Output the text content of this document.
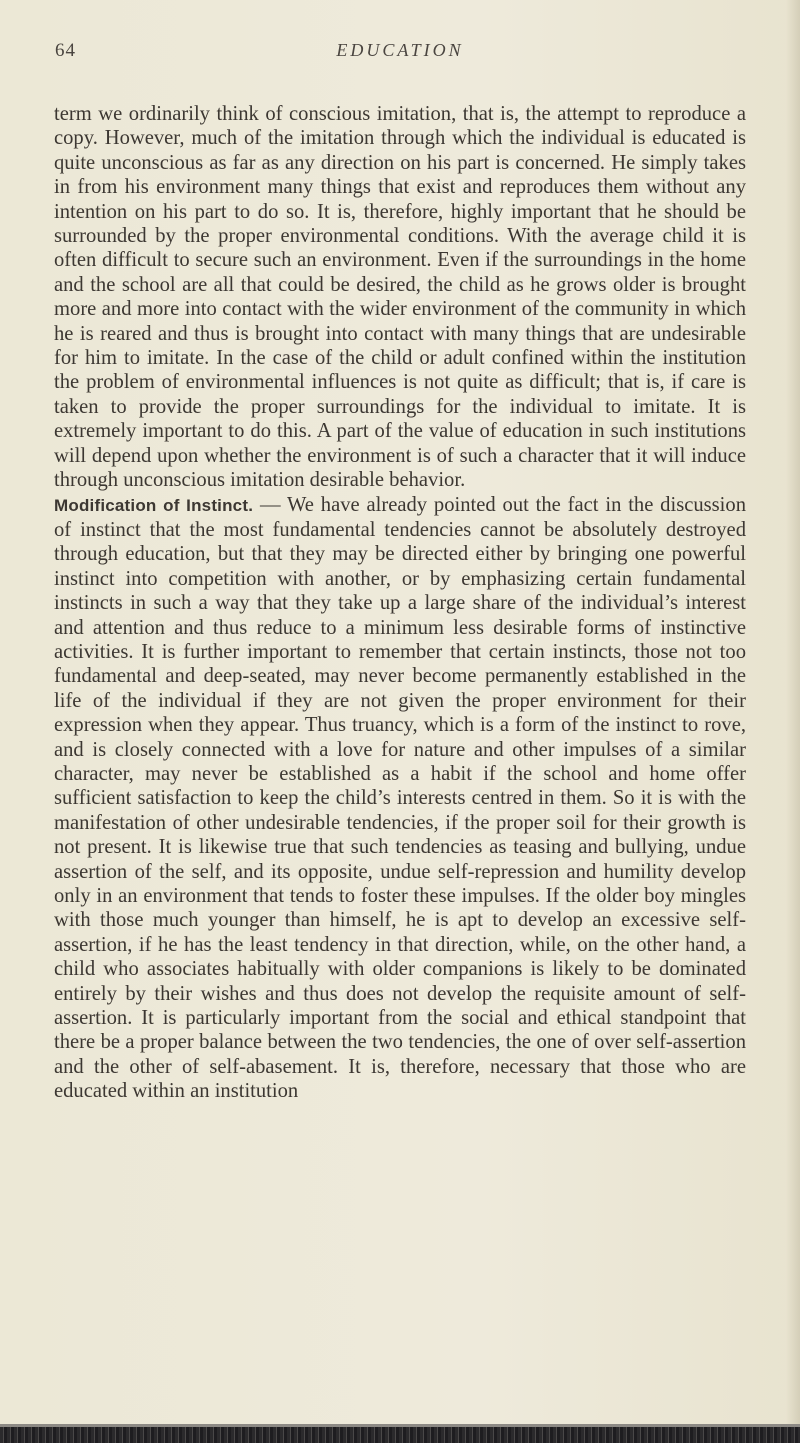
64	EDUCATION

term we ordinarily think of conscious imitation, that is, the attempt to reproduce a copy. However, much of the imitation through which the individual is educated is quite unconscious as far as any direction on his part is concerned. He simply takes in from his environment many things that exist and reproduces them without any intention on his part to do so. It is, therefore, highly important that he should be surrounded by the proper environmental conditions. With the average child it is often difficult to secure such an environment. Even if the surroundings in the home and the school are all that could be desired, the child as he grows older is brought more and more into contact with the wider environment of the community in which he is reared and thus is brought into contact with many things that are undesirable for him to imitate. In the case of the child or adult confined within the institution the problem of environmental influences is not quite as difficult; that is, if care is taken to provide the proper surroundings for the individual to imitate. It is extremely important to do this. A part of the value of education in such institutions will depend upon whether the environment is of such a character that it will induce through unconscious imitation desirable behavior.

Modification of Instinct. — We have already pointed out the fact in the discussion of instinct that the most fundamental tendencies cannot be absolutely destroyed through education, but that they may be directed either by bringing one powerful instinct into competition with another, or by emphasizing certain fundamental instincts in such a way that they take up a large share of the individual’s interest and attention and thus reduce to a minimum less desirable forms of instinctive activities. It is further important to remember that certain instincts, those not too fundamental and deep-seated, may never become permanently established in the life of the individual if they are not given the proper environment for their expression when they appear. Thus truancy, which is a form of the instinct to rove, and is closely connected with a love for nature and other impulses of a similar character, may never be established as a habit if the school and home offer sufficient satisfaction to keep the child’s interests centred in them. So it is with the manifestation of other undesirable tendencies, if the proper soil for their growth is not present. It is likewise true that such tendencies as teasing and bullying, undue assertion of the self, and its opposite, undue self-repression and humility develop only in an environment that tends to foster these impulses. If the older boy mingles with those much younger than himself, he is apt to develop an excessive self-assertion, if he has the least tendency in that direction, while, on the other hand, a child who associates habitually with older companions is likely to be dominated entirely by their wishes and thus does not develop the requisite amount of self-assertion. It is particularly important from the social and ethical standpoint that there be a proper balance between the two tendencies, the one of over self-assertion and the other of self-abasement. It is, therefore, necessary that those who are educated within an institution
